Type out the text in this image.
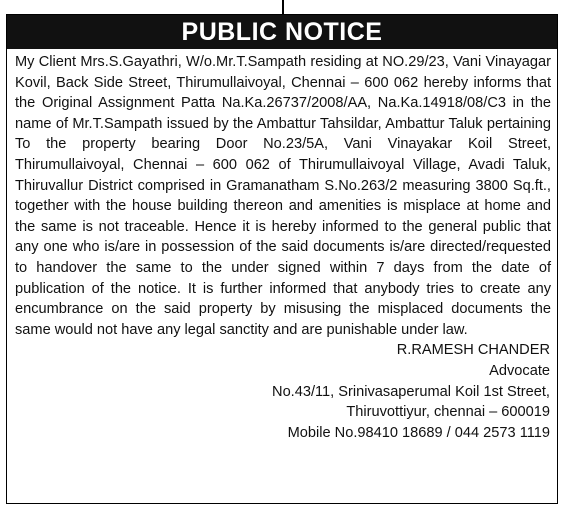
PUBLIC NOTICE

My Client Mrs.S.Gayathri, W/o.Mr.T.Sampath residing at NO.29/23, Vani Vinayagar Kovil, Back Side Street, Thirumullaivoyal, Chennai – 600 062 hereby informs that the Original Assignment Patta Na.Ka.26737/2008/AA, Na.Ka.14918/08/C3 in the name of Mr.T.Sampath issued by the Ambattur Tahsildar, Ambattur Taluk pertaining To the property bearing Door No.23/5A, Vani Vinayakar Koil Street, Thirumullaivoyal, Chennai – 600 062 of Thirumullaivoyal Village, Avadi Taluk, Thiruvallur District comprised in Gramanatham S.No.263/2 measuring 3800 Sq.ft., together with the house building thereon and amenities is misplace at home and the same is not traceable. Hence it is hereby informed to the general public that any one who is/are in possession of the said documents is/are directed/requested to handover the same to the under signed within 7 days from the date of publication of the notice. It is further informed that anybody tries to create any encumbrance on the said property by misusing the misplaced documents the same would not have any legal sanctity and are punishable under law.

R.RAMESH CHANDER
Advocate
No.43/11, Srinivasaperumal Koil 1st Street,
Thiruvottiyur, chennai – 600019
Mobile No.98410 18689 / 044 2573 1119
